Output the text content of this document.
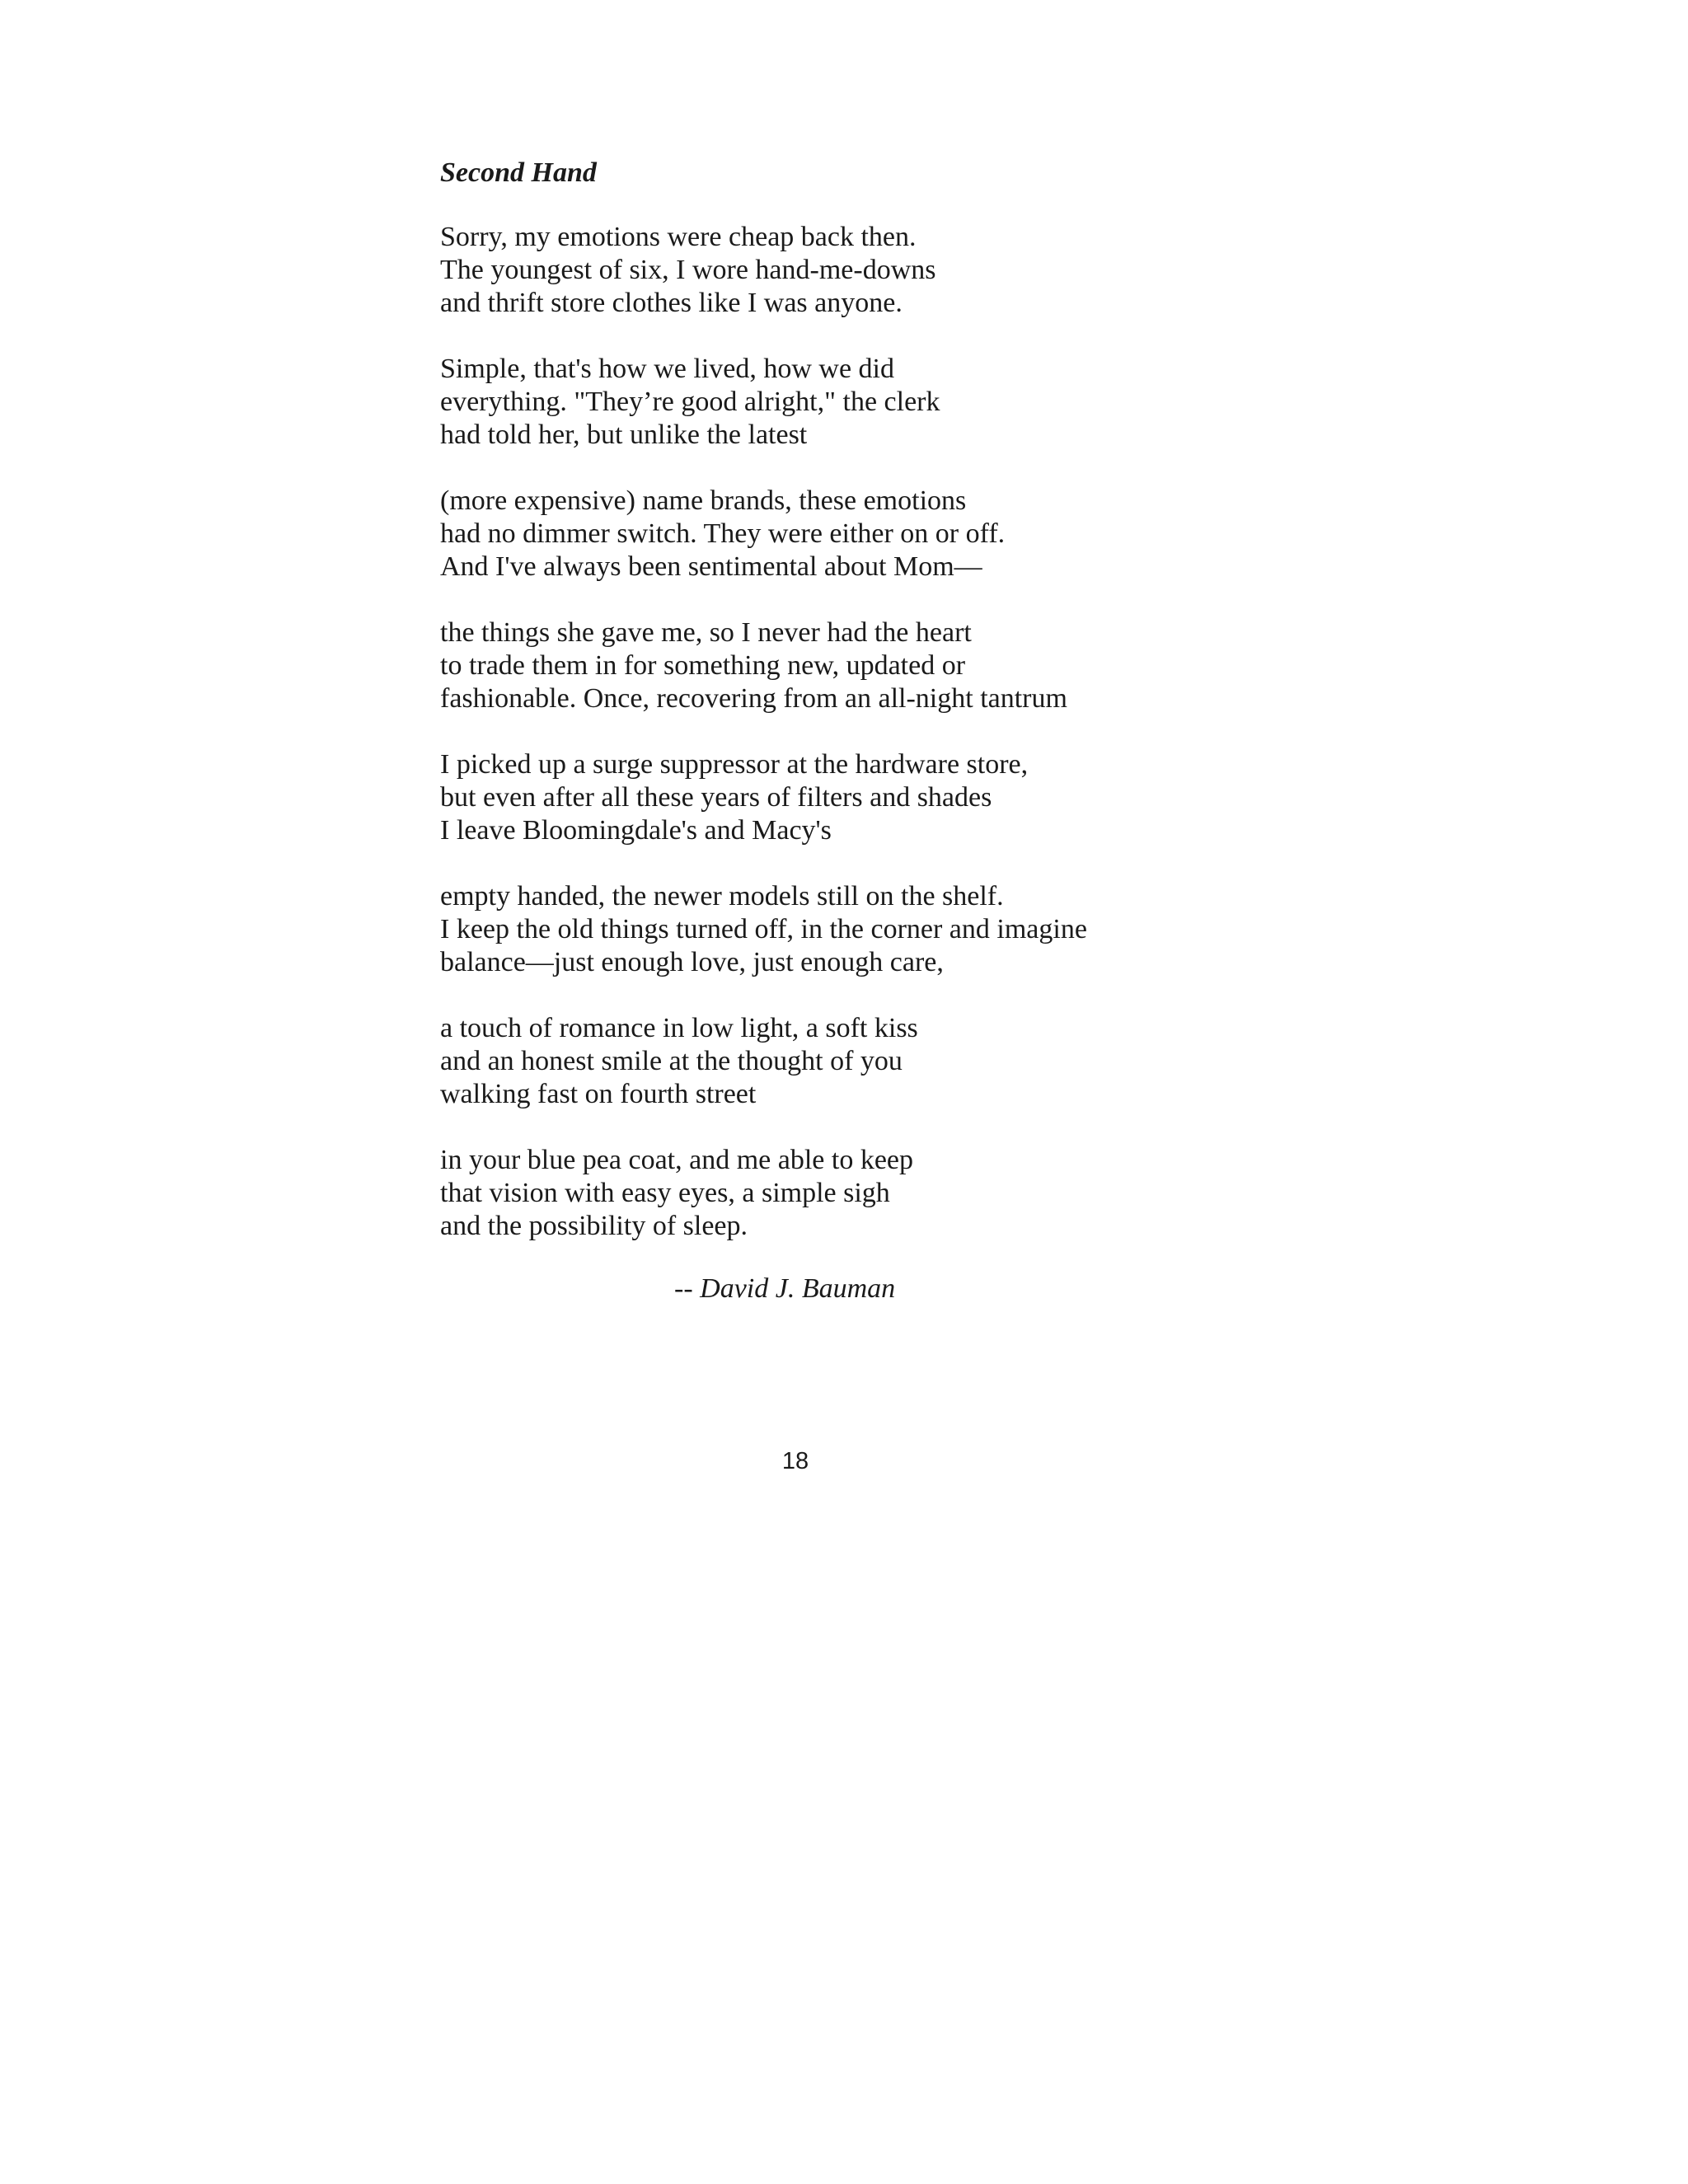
Second Hand
Sorry, my emotions were cheap back then.
The youngest of six, I wore hand-me-downs
and thrift store clothes like I was anyone.
Simple, that's how we lived, how we did
everything. "They’re good alright," the clerk
had told her, but unlike the latest
(more expensive) name brands, these emotions
had no dimmer switch. They were either on or off.
And I've always been sentimental about Mom—
the things she gave me, so I never had the heart
to trade them in for something new, updated or
fashionable. Once, recovering from an all-night tantrum
I picked up a surge suppressor at the hardware store,
but even after all these years of filters and shades
I leave Bloomingdale's and Macy's
empty handed, the newer models still on the shelf.
I keep the old things turned off, in the corner and imagine
balance—just enough love, just enough care,
a touch of romance in low light, a soft kiss
and an honest smile at the thought of you
walking fast on fourth street
in your blue pea coat, and me able to keep
that vision with easy eyes, a simple sigh
and the possibility of sleep.
-- David J. Bauman
18
